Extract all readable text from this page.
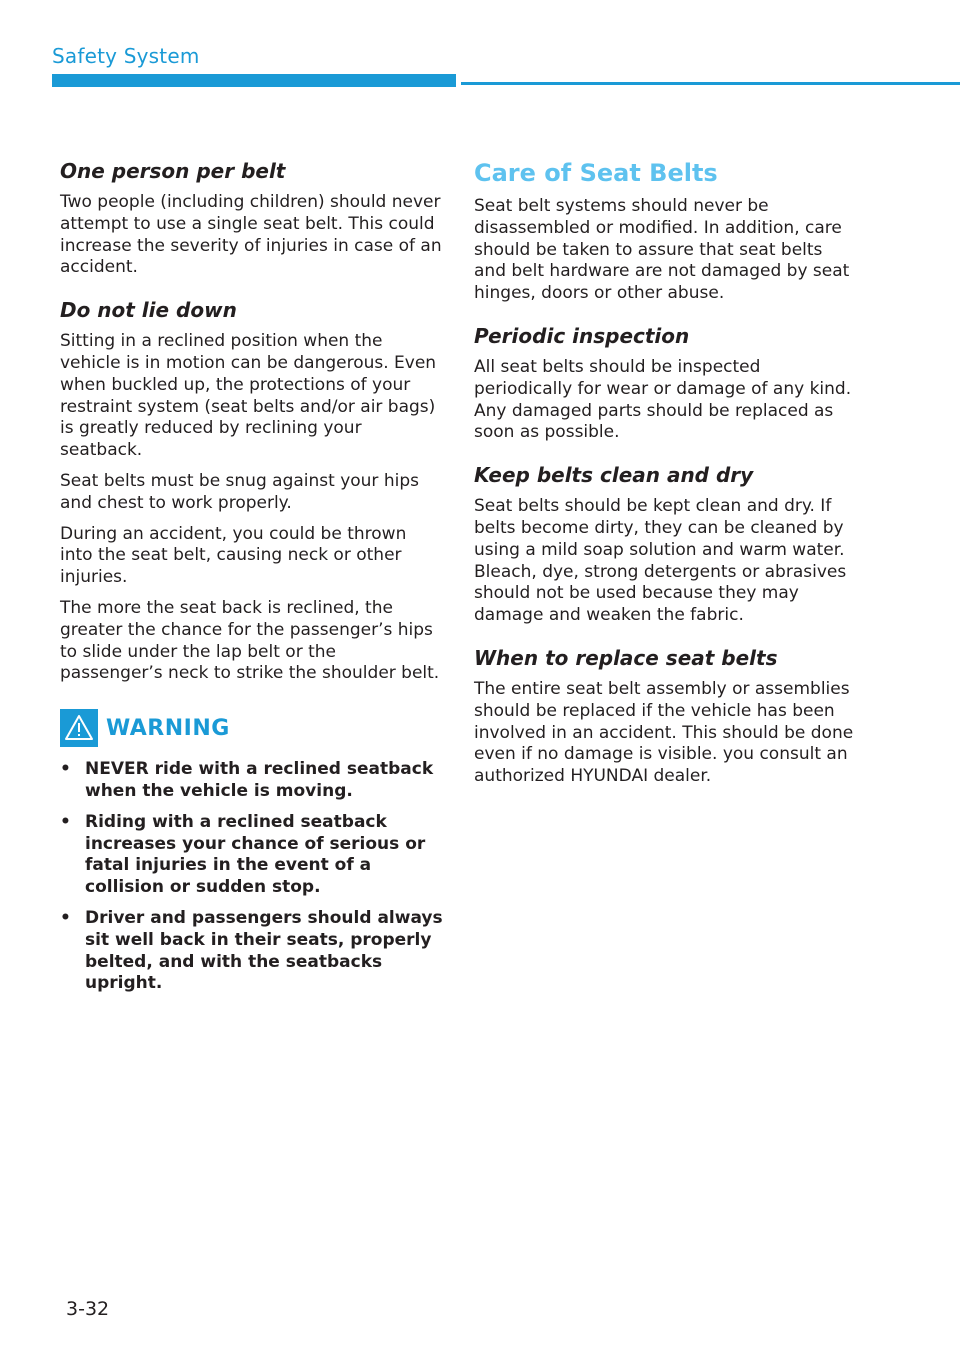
Safety System
One person per belt

Two people (including children) should never attempt to use a single seat belt. This could increase the severity of injuries in case of an accident.

Do not lie down

Sitting in a reclined position when the vehicle is in motion can be dangerous. Even when buckled up, the protections of your restraint system (seat belts and/or air bags) is greatly reduced by reclining your seatback.

Seat belts must be snug against your hips and chest to work properly.

During an accident, you could be thrown into the seat belt, causing neck or other injuries.

The more the seat back is reclined, the greater the chance for the passenger’s hips to slide under the lap belt or the passenger’s neck to strike the shoulder belt.

WARNING
• NEVER ride with a reclined seatback when the vehicle is moving.
• Riding with a reclined seatback increases your chance of serious or fatal injuries in the event of a collision or sudden stop.
• Driver and passengers should always sit well back in their seats, properly belted, and with the seatbacks upright.
Care of Seat Belts

Seat belt systems should never be disassembled or modified. In addition, care should be taken to assure that seat belts and belt hardware are not damaged by seat hinges, doors or other abuse.

Periodic inspection

All seat belts should be inspected periodically for wear or damage of any kind. Any damaged parts should be replaced as soon as possible.

Keep belts clean and dry

Seat belts should be kept clean and dry. If belts become dirty, they can be cleaned by using a mild soap solution and warm water. Bleach, dye, strong detergents or abrasives should not be used because they may damage and weaken the fabric.

When to replace seat belts

The entire seat belt assembly or assemblies should be replaced if the vehicle has been involved in an accident. This should be done even if no damage is visible. you consult an authorized HYUNDAI dealer.

3-32
